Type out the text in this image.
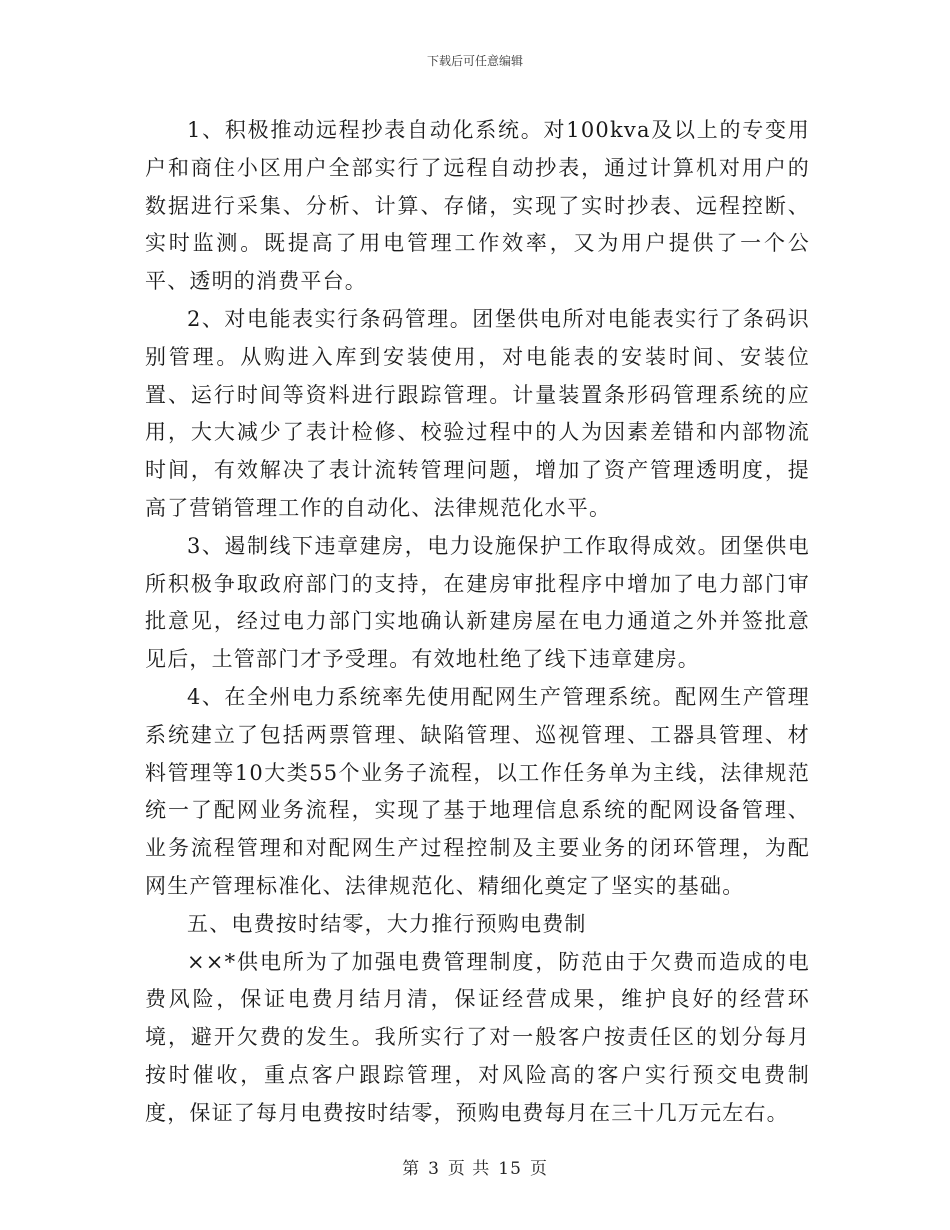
下载后可任意编辑

1、积极推动远程抄表自动化系统。对100kva及以上的专变用户和商住小区用户全部实行了远程自动抄表，通过计算机对用户的数据进行采集、分析、计算、存储，实现了实时抄表、远程控断、实时监测。既提高了用电管理工作效率，又为用户提供了一个公平、透明的消费平台。

2、对电能表实行条码管理。团堡供电所对电能表实行了条码识别管理。从购进入库到安装使用，对电能表的安装时间、安装位置、运行时间等资料进行跟踪管理。计量装置条形码管理系统的应用，大大减少了表计检修、校验过程中的人为因素差错和内部物流时间，有效解决了表计流转管理问题，增加了资产管理透明度，提高了营销管理工作的自动化、法律规范化水平。

3、遏制线下违章建房，电力设施保护工作取得成效。团堡供电所积极争取政府部门的支持，在建房审批程序中增加了电力部门审批意见，经过电力部门实地确认新建房屋在电力通道之外并签批意见后，土管部门才予受理。有效地杜绝了线下违章建房。

4、在全州电力系统率先使用配网生产管理系统。配网生产管理系统建立了包括两票管理、缺陷管理、巡视管理、工器具管理、材料管理等10大类55个业务子流程，以工作任务单为主线，法律规范统一了配网业务流程，实现了基于地理信息系统的配网设备管理、业务流程管理和对配网生产过程控制及主要业务的闭环管理，为配网生产管理标准化、法律规范化、精细化奠定了坚实的基础。

五、电费按时结零，大力推行预购电费制

××*供电所为了加强电费管理制度，防范由于欠费而造成的电费风险，保证电费月结月清，保证经营成果，维护良好的经营环境，避开欠费的发生。我所实行了对一般客户按责任区的划分每月按时催收，重点客户跟踪管理，对风险高的客户实行预交电费制度，保证了每月电费按时结零，预购电费每月在三十几万元左右。

第 3 页 共 15 页
